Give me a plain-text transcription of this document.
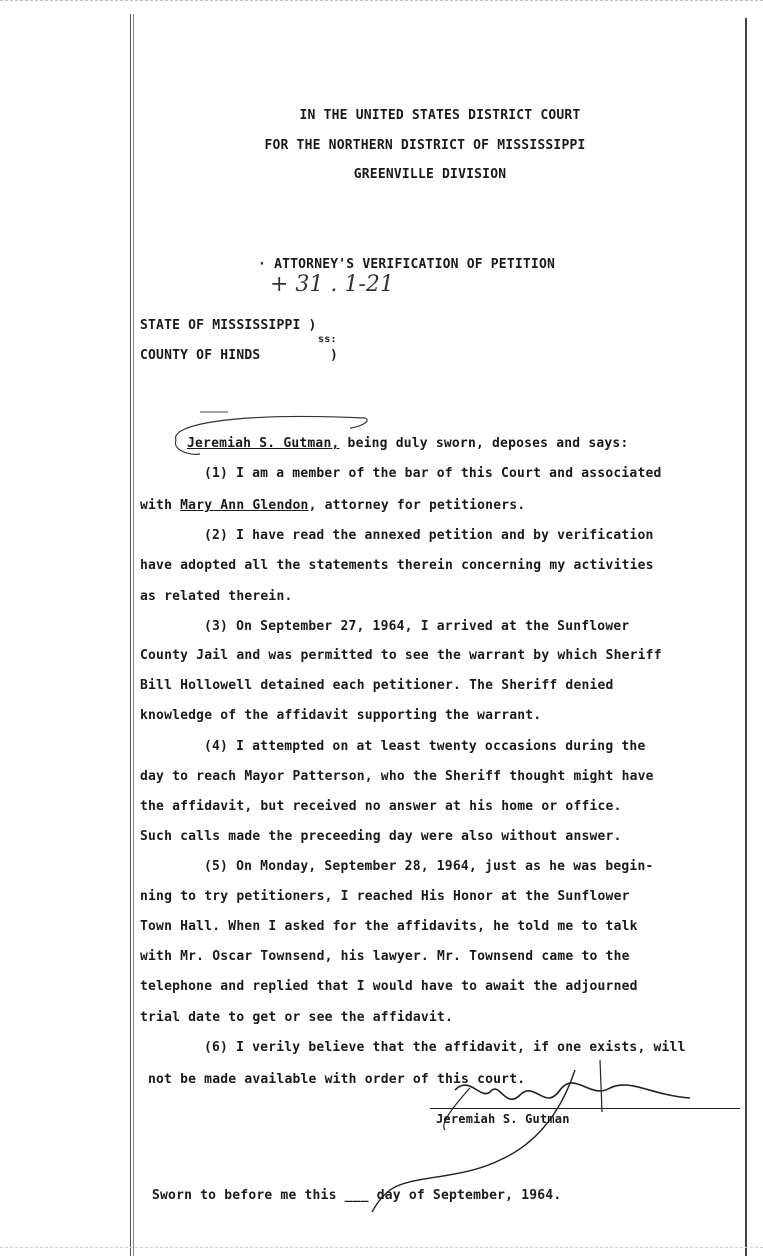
IN THE UNITED STATES DISTRICT COURT
FOR THE NORTHERN DISTRICT OF MISSISSIPPI
GREENVILLE DIVISION
· ATTORNEY'S VERIFICATION OF PETITION
+ 31 . 1-21
STATE OF MISSISSIPPI )
ss:
COUNTY OF HINDS	)
Jeremiah S. Gutman, being duly sworn, deposes and says:
(1) I am a member of the bar of this Court and associated
with Mary Ann Glendon, attorney for petitioners.
(2) I have read the annexed petition and by verification
have adopted all the statements therein concerning my activities
as related therein.
(3) On September 27, 1964, I arrived at the Sunflower
County Jail and was permitted to see the warrant by which Sheriff
Bill Hollowell detained each petitioner. The Sheriff denied
knowledge of the affidavit supporting the warrant.
(4) I attempted on at least twenty occasions during the
day to reach Mayor Patterson, who the Sheriff thought might have
the affidavit, but received no answer at his home or office.
Such calls made the preceeding day were also without answer.
(5) On Monday, September 28, 1964, just as he was begin-
ning to try petitioners, I reached His Honor at the Sunflower
Town Hall. When I asked for the affidavits, he told me to talk
with Mr. Oscar Townsend, his lawyer. Mr. Townsend came to the
telephone and replied that I would have to await the adjourned
trial date to get or see the affidavit.
(6) I verily believe that the affidavit, if one exists, will
not be made available with order of this court.
Jeremiah S. Gutman
Sworn to before me this ___ day of September, 1964.
